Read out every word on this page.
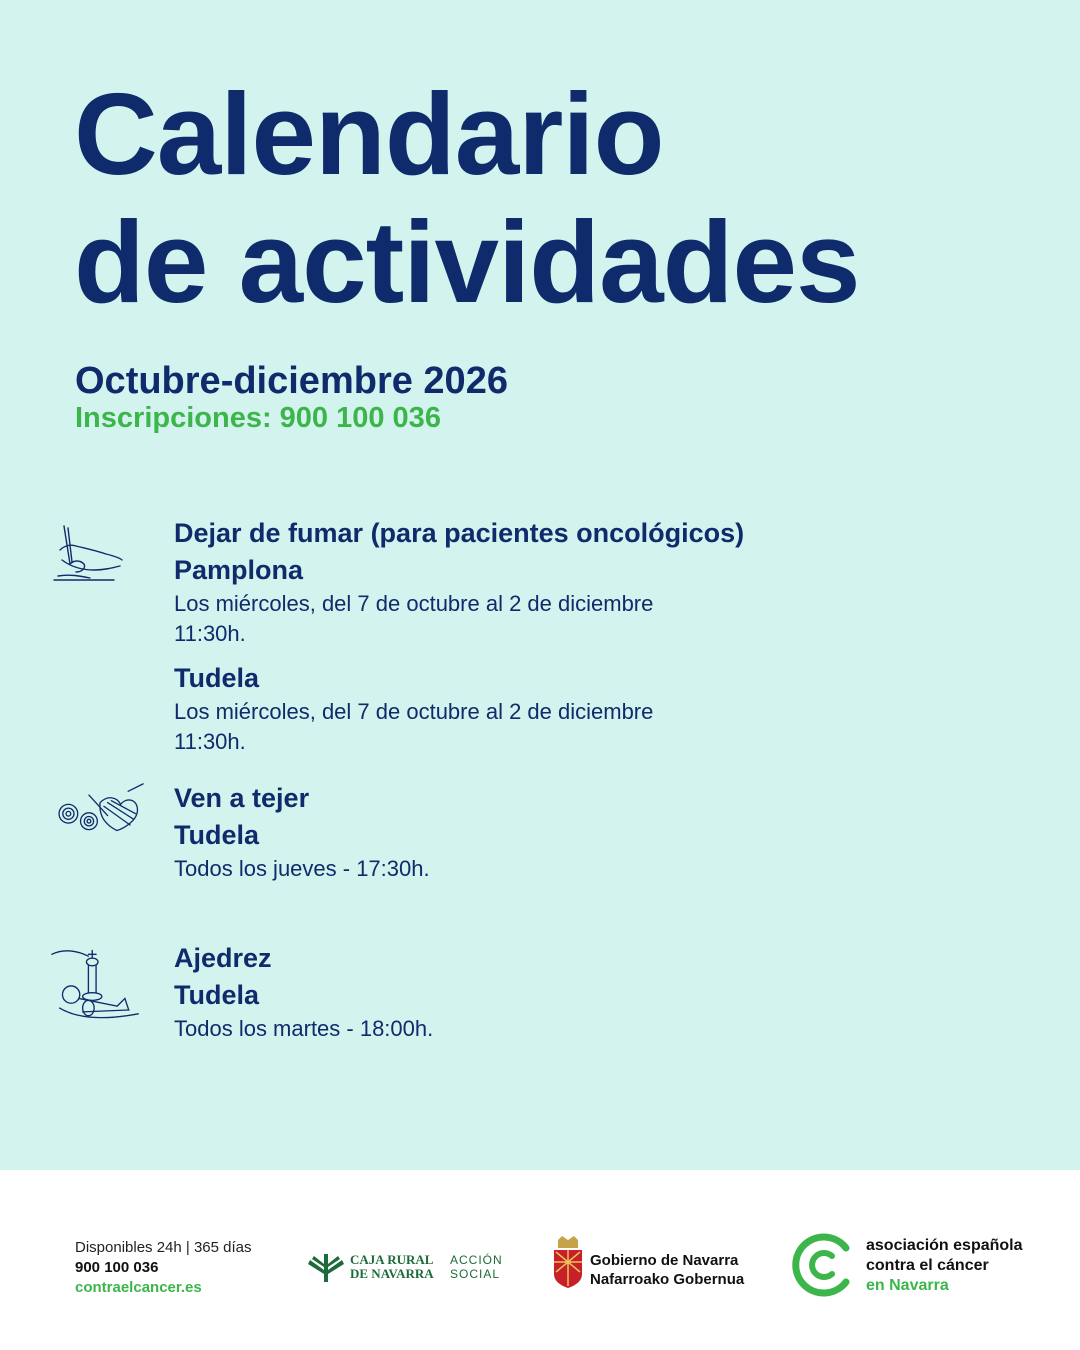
Calendario
de actividades
Octubre-diciembre 2026
Inscripciones: 900 100 036
Dejar de fumar (para pacientes oncológicos)
Pamplona
Los miércoles, del 7 de octubre al 2 de diciembre
11:30h.
Tudela
Los miércoles, del 7 de octubre al 2 de diciembre
11:30h.
Ven a tejer
Tudela
Todos los jueves - 17:30h.
Ajedrez
Tudela
Todos los martes - 18:00h.
Disponibles 24h | 365 días
900 100 036
contraelcancer.es
CAJA RURAL
DE NAVARRA
ACCIÓN
SOCIAL
Gobierno de Navarra
Nafarroako Gobernua
asociación española
contra el cáncer
en Navarra
